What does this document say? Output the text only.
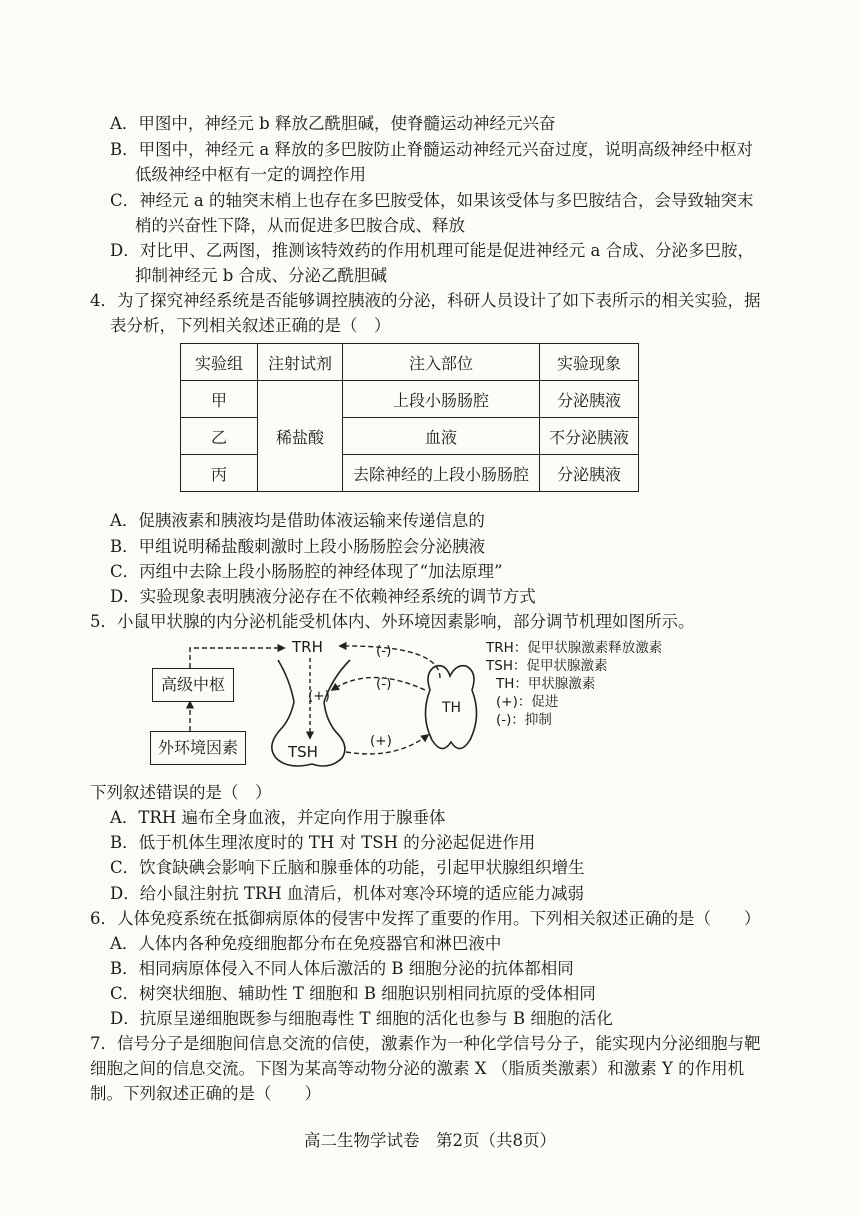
A．甲图中，神经元 b 释放乙酰胆碱，使脊髓运动神经元兴奋
B．甲图中，神经元 a 释放的多巴胺防止脊髓运动神经元兴奋过度，说明高级神经中枢对
低级神经中枢有一定的调控作用
C．神经元 a 的轴突末梢上也存在多巴胺受体，如果该受体与多巴胺结合，会导致轴突末
梢的兴奋性下降，从而促进多巴胺合成、释放
D．对比甲、乙两图，推测该特效药的作用机理可能是促进神经元 a 合成、分泌多巴胺，
抑制神经元 b 合成、分泌乙酰胆碱
4．为了探究神经系统是否能够调控胰液的分泌，科研人员设计了如下表所示的相关实验，据
表分析，下列相关叙述正确的是（　）
实验组	注射试剂	注入部位	实验现象
甲	稀盐酸	上段小肠肠腔	分泌胰液
乙		血液	不分泌胰液
丙		去除神经的上段小肠肠腔	分泌胰液
A．促胰液素和胰液均是借助体液运输来传递信息的
B．甲组说明稀盐酸刺激时上段小肠肠腔会分泌胰液
C．丙组中去除上段小肠肠腔的神经体现了“加法原理”
D．实验现象表明胰液分泌存在不依赖神经系统的调节方式
5．小鼠甲状腺的内分泌机能受机体内、外环境因素影响，部分调节机理如图所示。
高级中枢
外环境因素
TRH
TSH
TH
(+)
(+)
(-)
(-)
TRH：促甲状腺激素释放激素
TSH：促甲状腺激素
TH：甲状腺激素
(+)：促进
(-)：抑制
下列叙述错误的是（　）
A．TRH 遍布全身血液，并定向作用于腺垂体
B．低于机体生理浓度时的 TH 对 TSH 的分泌起促进作用
C．饮食缺碘会影响下丘脑和腺垂体的功能，引起甲状腺组织增生
D．给小鼠注射抗 TRH 血清后，机体对寒冷环境的适应能力减弱
6．人体免疫系统在抵御病原体的侵害中发挥了重要的作用。下列相关叙述正确的是（　　）
A．人体内各种免疫细胞都分布在免疫器官和淋巴液中
B．相同病原体侵入不同人体后激活的 B 细胞分泌的抗体都相同
C．树突状细胞、辅助性 T 细胞和 B 细胞识别相同抗原的受体相同
D．抗原呈递细胞既参与细胞毒性 T 细胞的活化也参与 B 细胞的活化
7．信号分子是细胞间信息交流的信使，激素作为一种化学信号分子，能实现内分泌细胞与靶
细胞之间的信息交流。下图为某高等动物分泌的激素 X （脂质类激素）和激素 Y 的作用机
制。下列叙述正确的是（　　）
高二生物学试卷　第2页（共8页）
